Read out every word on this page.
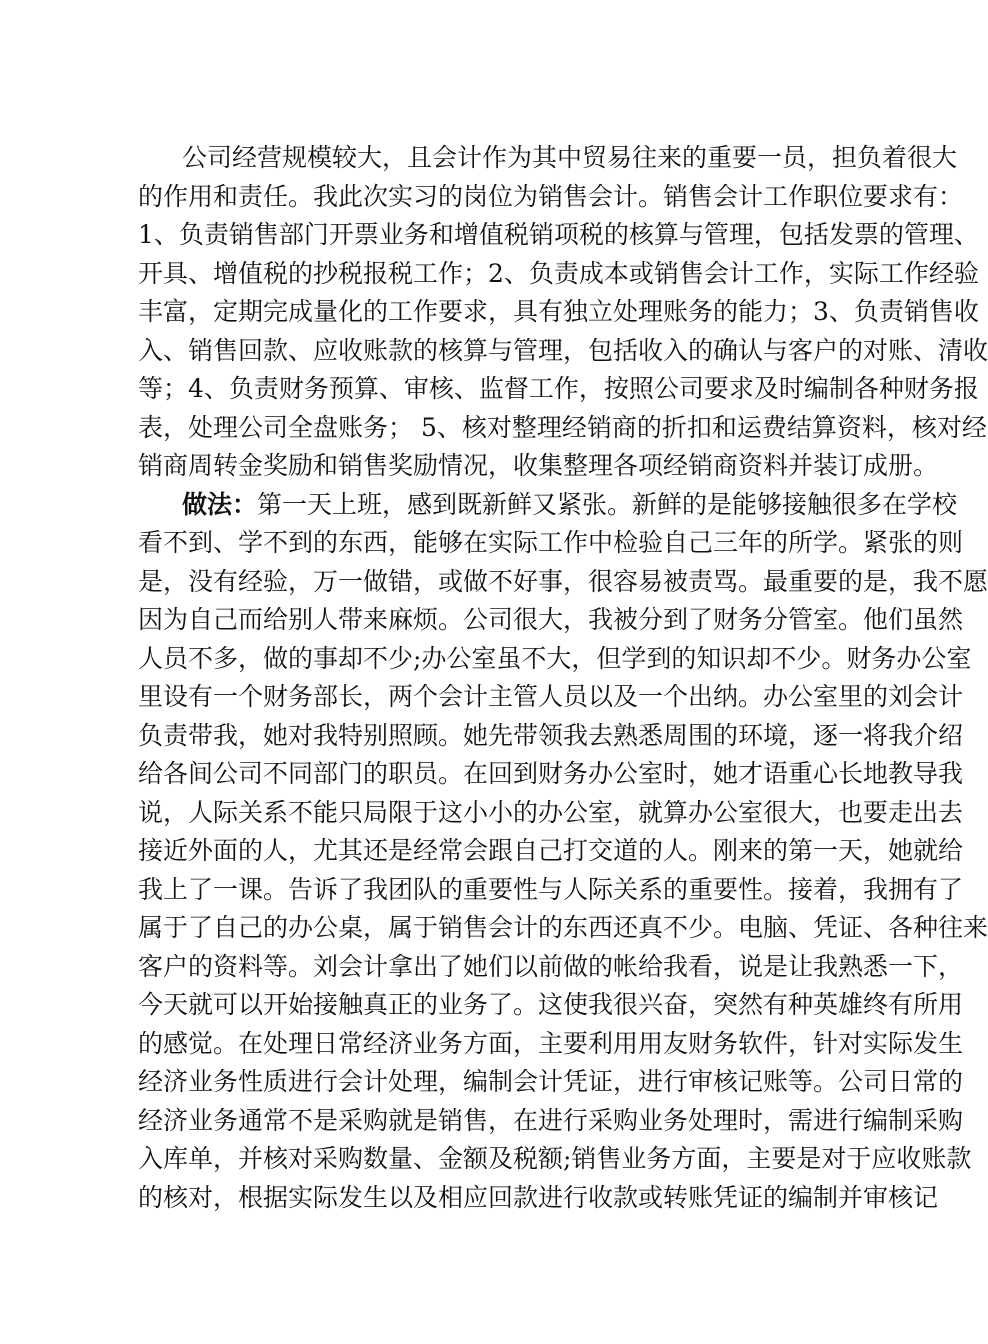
公司经营规模较大，且会计作为其中贸易往来的重要一员，担负着很大
的作用和责任。我此次实习的岗位为销售会计。销售会计工作职位要求有：
1、负责销售部门开票业务和增值税销项税的核算与管理，包括发票的管理、
开具、增值税的抄税报税工作；2、负责成本或销售会计工作，实际工作经验
丰富，定期完成量化的工作要求，具有独立处理账务的能力；3、负责销售收
入、销售回款、应收账款的核算与管理，包括收入的确认与客户的对账、清收
等；4、负责财务预算、审核、监督工作，按照公司要求及时编制各种财务报
表，处理公司全盘账务； 5、核对整理经销商的折扣和运费结算资料，核对经
销商周转金奖励和销售奖励情况，收集整理各项经销商资料并装订成册。
做法：第一天上班，感到既新鲜又紧张。新鲜的是能够接触很多在学校
看不到、学不到的东西，能够在实际工作中检验自己三年的所学。紧张的则
是，没有经验，万一做错，或做不好事，很容易被责骂。最重要的是，我不愿
因为自己而给别人带来麻烦。公司很大，我被分到了财务分管室。他们虽然
人员不多，做的事却不少;办公室虽不大，但学到的知识却不少。财务办公室
里设有一个财务部长，两个会计主管人员以及一个出纳。办公室里的刘会计
负责带我，她对我特别照顾。她先带领我去熟悉周围的环境，逐一将我介绍
给各间公司不同部门的职员。在回到财务办公室时，她才语重心长地教导我
说，人际关系不能只局限于这小小的办公室，就算办公室很大，也要走出去
接近外面的人，尤其还是经常会跟自己打交道的人。刚来的第一天，她就给
我上了一课。告诉了我团队的重要性与人际关系的重要性。接着，我拥有了
属于了自己的办公桌，属于销售会计的东西还真不少。电脑、凭证、各种往来
客户的资料等。刘会计拿出了她们以前做的帐给我看，说是让我熟悉一下，
今天就可以开始接触真正的业务了。这使我很兴奋，突然有种英雄终有所用
的感觉。在处理日常经济业务方面，主要利用用友财务软件，针对实际发生
经济业务性质进行会计处理，编制会计凭证，进行审核记账等。公司日常的
经济业务通常不是采购就是销售，在进行采购业务处理时，需进行编制采购
入库单，并核对采购数量、金额及税额;销售业务方面，主要是对于应收账款
的核对，根据实际发生以及相应回款进行收款或转账凭证的编制并审核记
